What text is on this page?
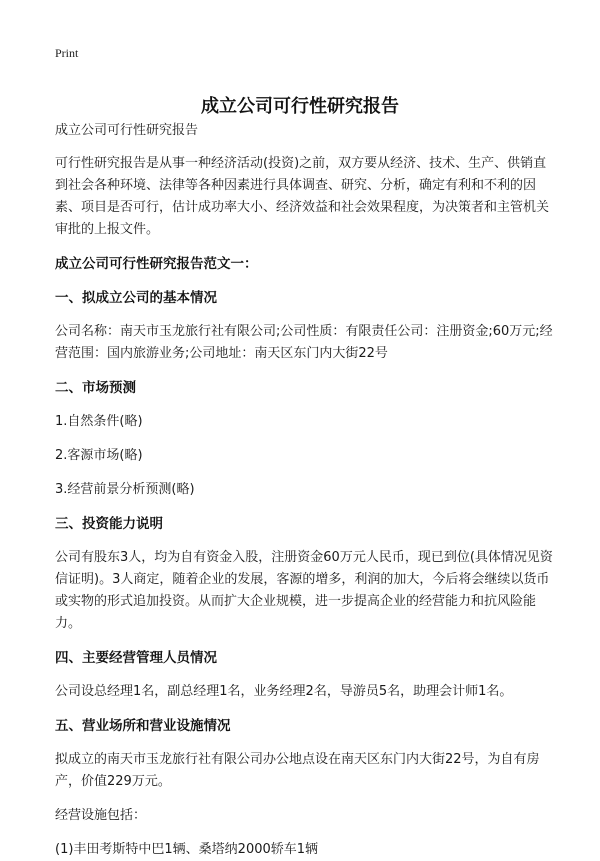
Print
成立公司可行性研究报告

成立公司可行性研究报告

可行性研究报告是从事一种经济活动(投资)之前，双方要从经济、技术、生产、供销直到社会各种环境、法律等各种因素进行具体调查、研究、分析，确定有利和不利的因素、项目是否可行，估计成功率大小、经济效益和社会效果程度，为决策者和主管机关审批的上报文件。

成立公司可行性研究报告范文一：
一、拟成立公司的基本情况

公司名称：南天市玉龙旅行社有限公司;公司性质：有限责任公司：注册资金;60万元;经营范围：国内旅游业务;公司地址：南天区东门内大街22号

二、市场预测

1.自然条件(略)

2.客源市场(略)

3.经营前景分析预测(略)

三、投资能力说明

公司有股东3人，均为自有资金入股，注册资金60万元人民币，现已到位(具体情况见资信证明)。3人商定，随着企业的发展，客源的增多，利润的加大，今后将会继续以货币或实物的形式追加投资。从而扩大企业规模，进一步提高企业的经营能力和抗风险能力。

四、主要经营管理人员情况

公司设总经理1名，副总经理1名，业务经理2名，导游员5名，助理会计师1名。

五、营业场所和营业设施情况

拟成立的南天市玉龙旅行社有限公司办公地点设在南天区东门内大街22号，为自有房产，价值229万元。

经营设施包括：

(1)丰田考斯特中巴1辆、桑塔纳2000轿车1辆
